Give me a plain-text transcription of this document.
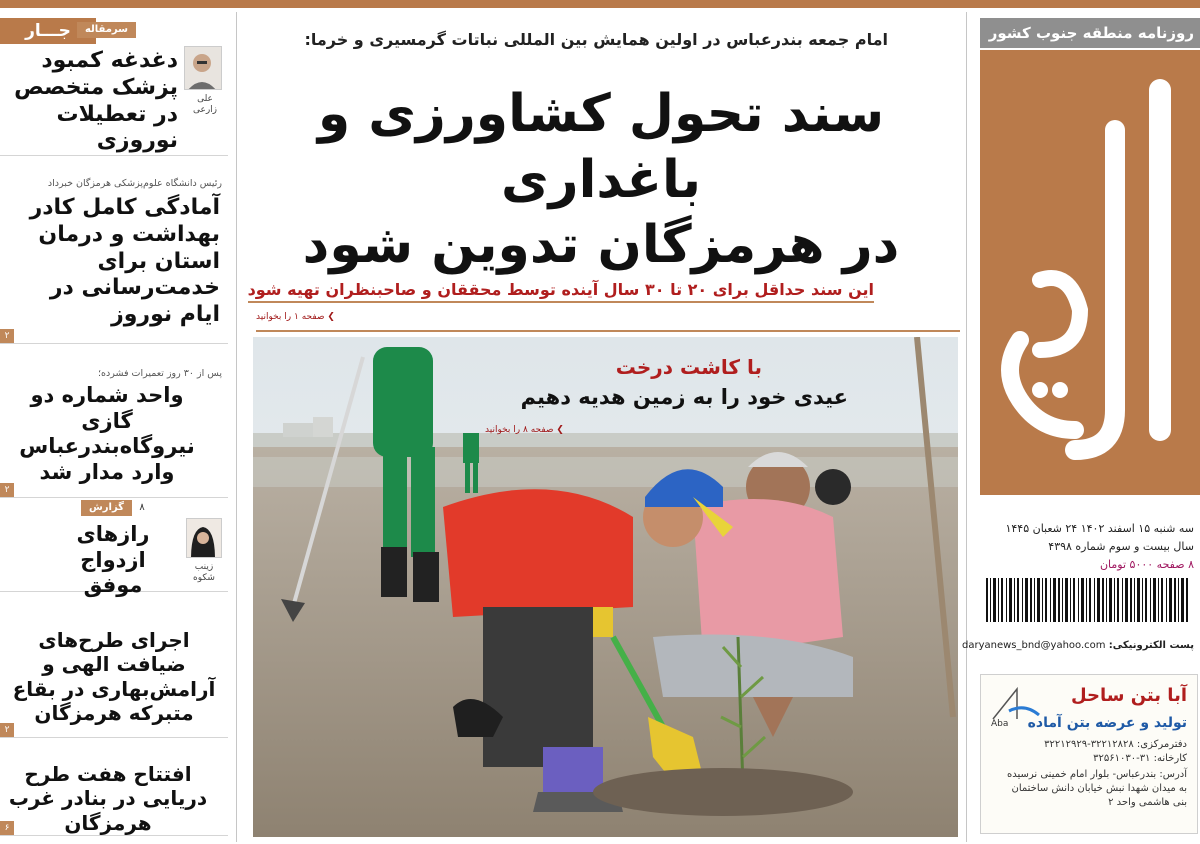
جـــار	سرمقاله
علی زارعی
دغدغه کمبود پزشک متخصص در تعطیلات نوروزی
رئیس دانشگاه علوم‌پزشکی هرمزگان خبرداد
آمادگی کامل کادر بهداشت و درمان استان برای خدمت‌رسانی در ایام نوروز
۲
پس از ۳۰ روز تعمیرات فشرده؛
واحد شماره دو گازی نیروگاه‌بندرعباس وارد مدار شد
۲
گزارش	۸
زینب شکوه
رازهای ازدواج موفق
اجرای طرح‌های ضیافت الهی و آرامش‌بهاری در بقاع متبرکه هرمزگان
۲
افتتاح هفت طرح دریایی در بنادر غرب هرمزگان
۶
امام جمعه بندرعباس در اولین همایش بین المللی نباتات گرمسیری و خرما:
سند تحول کشاورزی و باغداری
در هرمزگان تدوین شود
این سند حداقل برای ۲۰ تا ۳۰ سال آینده توسط محققان و صاحبنظران تهیه شود
❯ صفحه ۱ را بخوانید
با کاشت درخت
عیدی خود را به زمین هدیه دهیم
❯ صفحه ۸ را بخوانید
روزنامه منطقه جنوب کشور
سه شنبه ۱۵ اسفند ۱۴۰۲ ۲۴ شعبان ۱۴۴۵
سال بیست و سوم شماره ۴۳۹۸
۸ صفحه ۵۰۰۰ تومان
پست الکترونیکی: daryanews_bnd@yahoo.com
Aba
آبا بتن ساحل
تولید و عرضه بتن آماده
دفترمرکزی: ۳۲۲۱۲۸۲۸-۳۲۲۱۲۹۲۹
کارخانه: ۳۱-۳۲۵۶۱۰۳۰
آدرس: بندرعباس- بلوار امام خمینی نرسیده
به میدان شهدا نبش خیابان دانش ساختمان
بنی هاشمی واحد ۲
